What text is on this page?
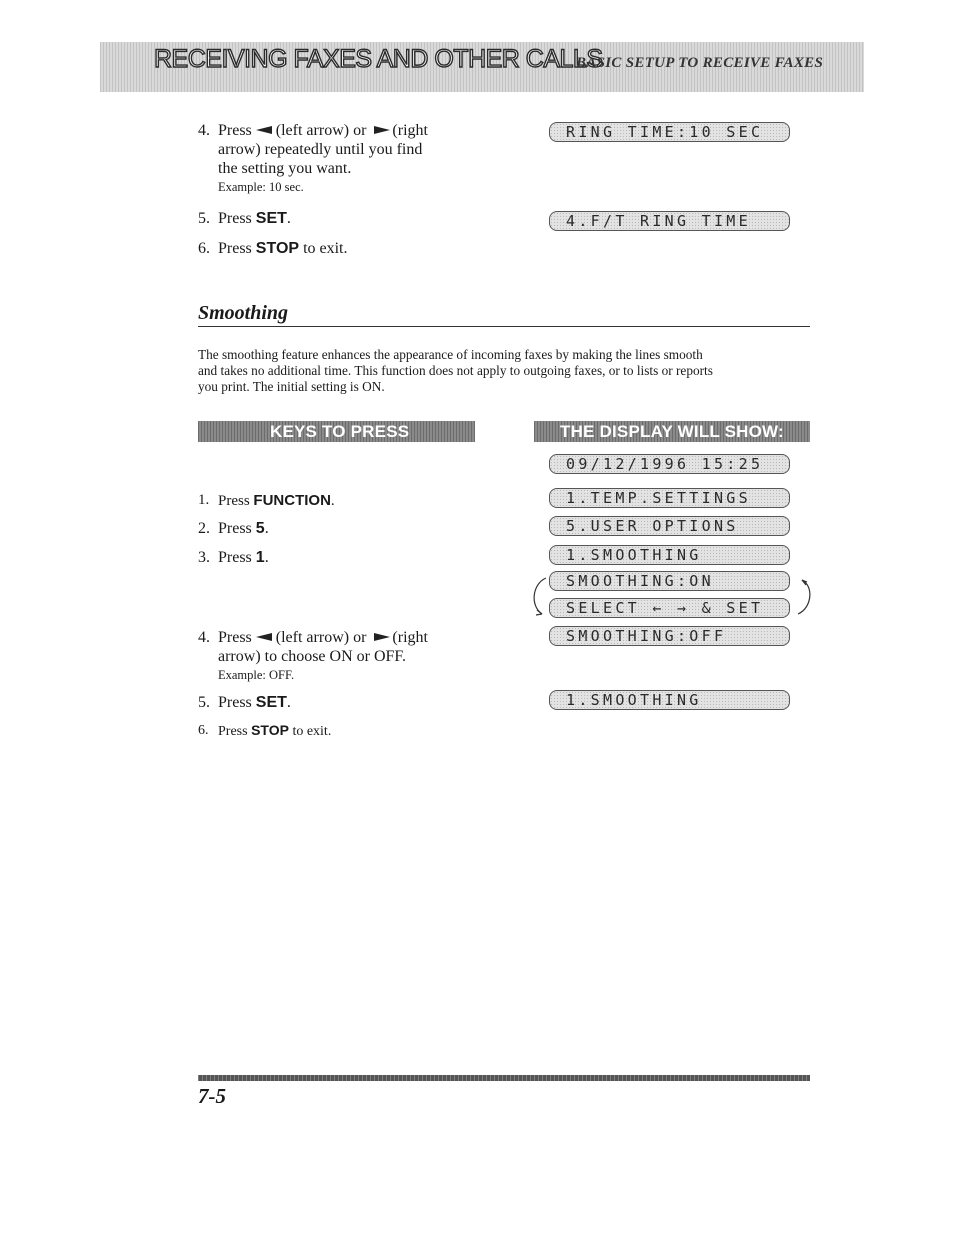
RECEIVING FAXES AND OTHER CALLS
BASIC SETUP TO RECEIVE FAXES
4. Press (left arrow) or (right
arrow) repeatedly until you find
the setting you want.
Example: 10 sec.
5. Press SET.
6. Press STOP to exit.
RING TIME:10 SEC
4.F/T RING TIME
Smoothing
The smoothing feature enhances the appearance of incoming faxes by making the lines smooth
and takes no additional time. This function does not apply to outgoing faxes, or to lists or reports
you print. The initial setting is ON.
KEYS TO PRESS	THE DISPLAY WILL SHOW:
1. Press FUNCTION.
2. Press 5.
3. Press 1.
4. Press (left arrow) or (right
arrow) to choose ON or OFF.
Example: OFF.
5. Press SET.
6. Press STOP to exit.
09/12/1996 15:25
1.TEMP.SETTINGS
5.USER OPTIONS
1.SMOOTHING
SMOOTHING:ON
SELECT ← → & SET
SMOOTHING:OFF
1.SMOOTHING
7-5
